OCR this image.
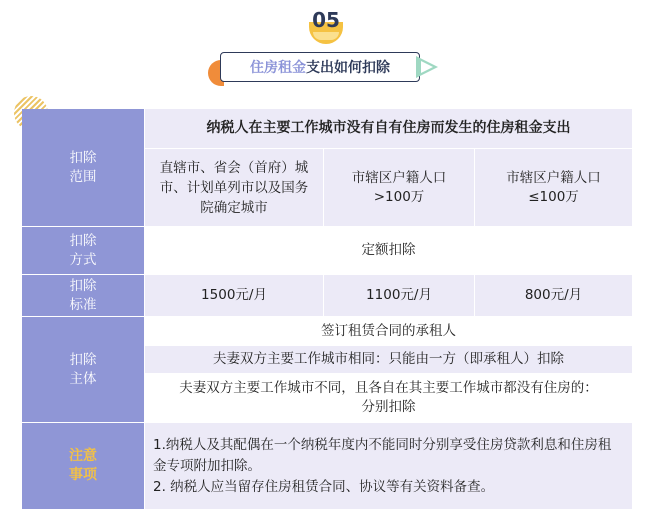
05
住房租金 支出如何扣除
扣除
范围
纳税人在主要工作城市没有自有住房而发生的住房租金支出
直辖市、省会（首府）城市、计划单列市以及国务院确定城市
市辖区户籍人口
>100万
市辖区户籍人口
≤100万
扣除
方式
定额扣除
扣除
标准
1500元/月	1100元/月	800元/月
扣除
主体
签订租赁合同的承租人
夫妻双方主要工作城市相同：只能由一方（即承租人）扣除
夫妻双方主要工作城市不同，且各自在其主要工作城市都没有住房的：
分别扣除
注意
事项
1.纳税人及其配偶在一个纳税年度内不能同时分别享受住房贷款利息和住房租金专项附加扣除。
2. 纳税人应当留存住房租赁合同、协议等有关资料备查。
